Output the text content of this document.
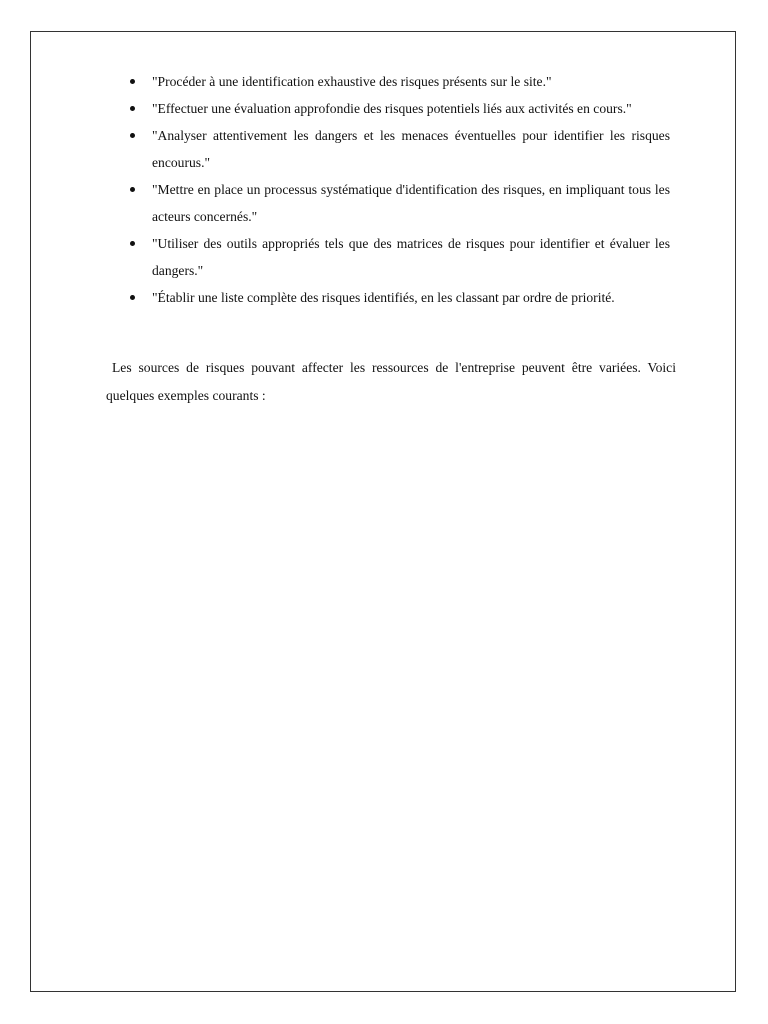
"Procéder à une identification exhaustive des risques présents sur le site."
"Effectuer une évaluation approfondie des risques potentiels liés aux activités en cours."
"Analyser attentivement les dangers et les menaces éventuelles pour identifier les risques encourus."
"Mettre en place un processus systématique d'identification des risques, en impliquant tous les acteurs concernés."
"Utiliser des outils appropriés tels que des matrices de risques pour identifier et évaluer les dangers."
"Établir une liste complète des risques identifiés, en les classant par ordre de priorité.

Les sources de risques pouvant affecter les ressources de l'entreprise peuvent être variées. Voici quelques exemples courants :
